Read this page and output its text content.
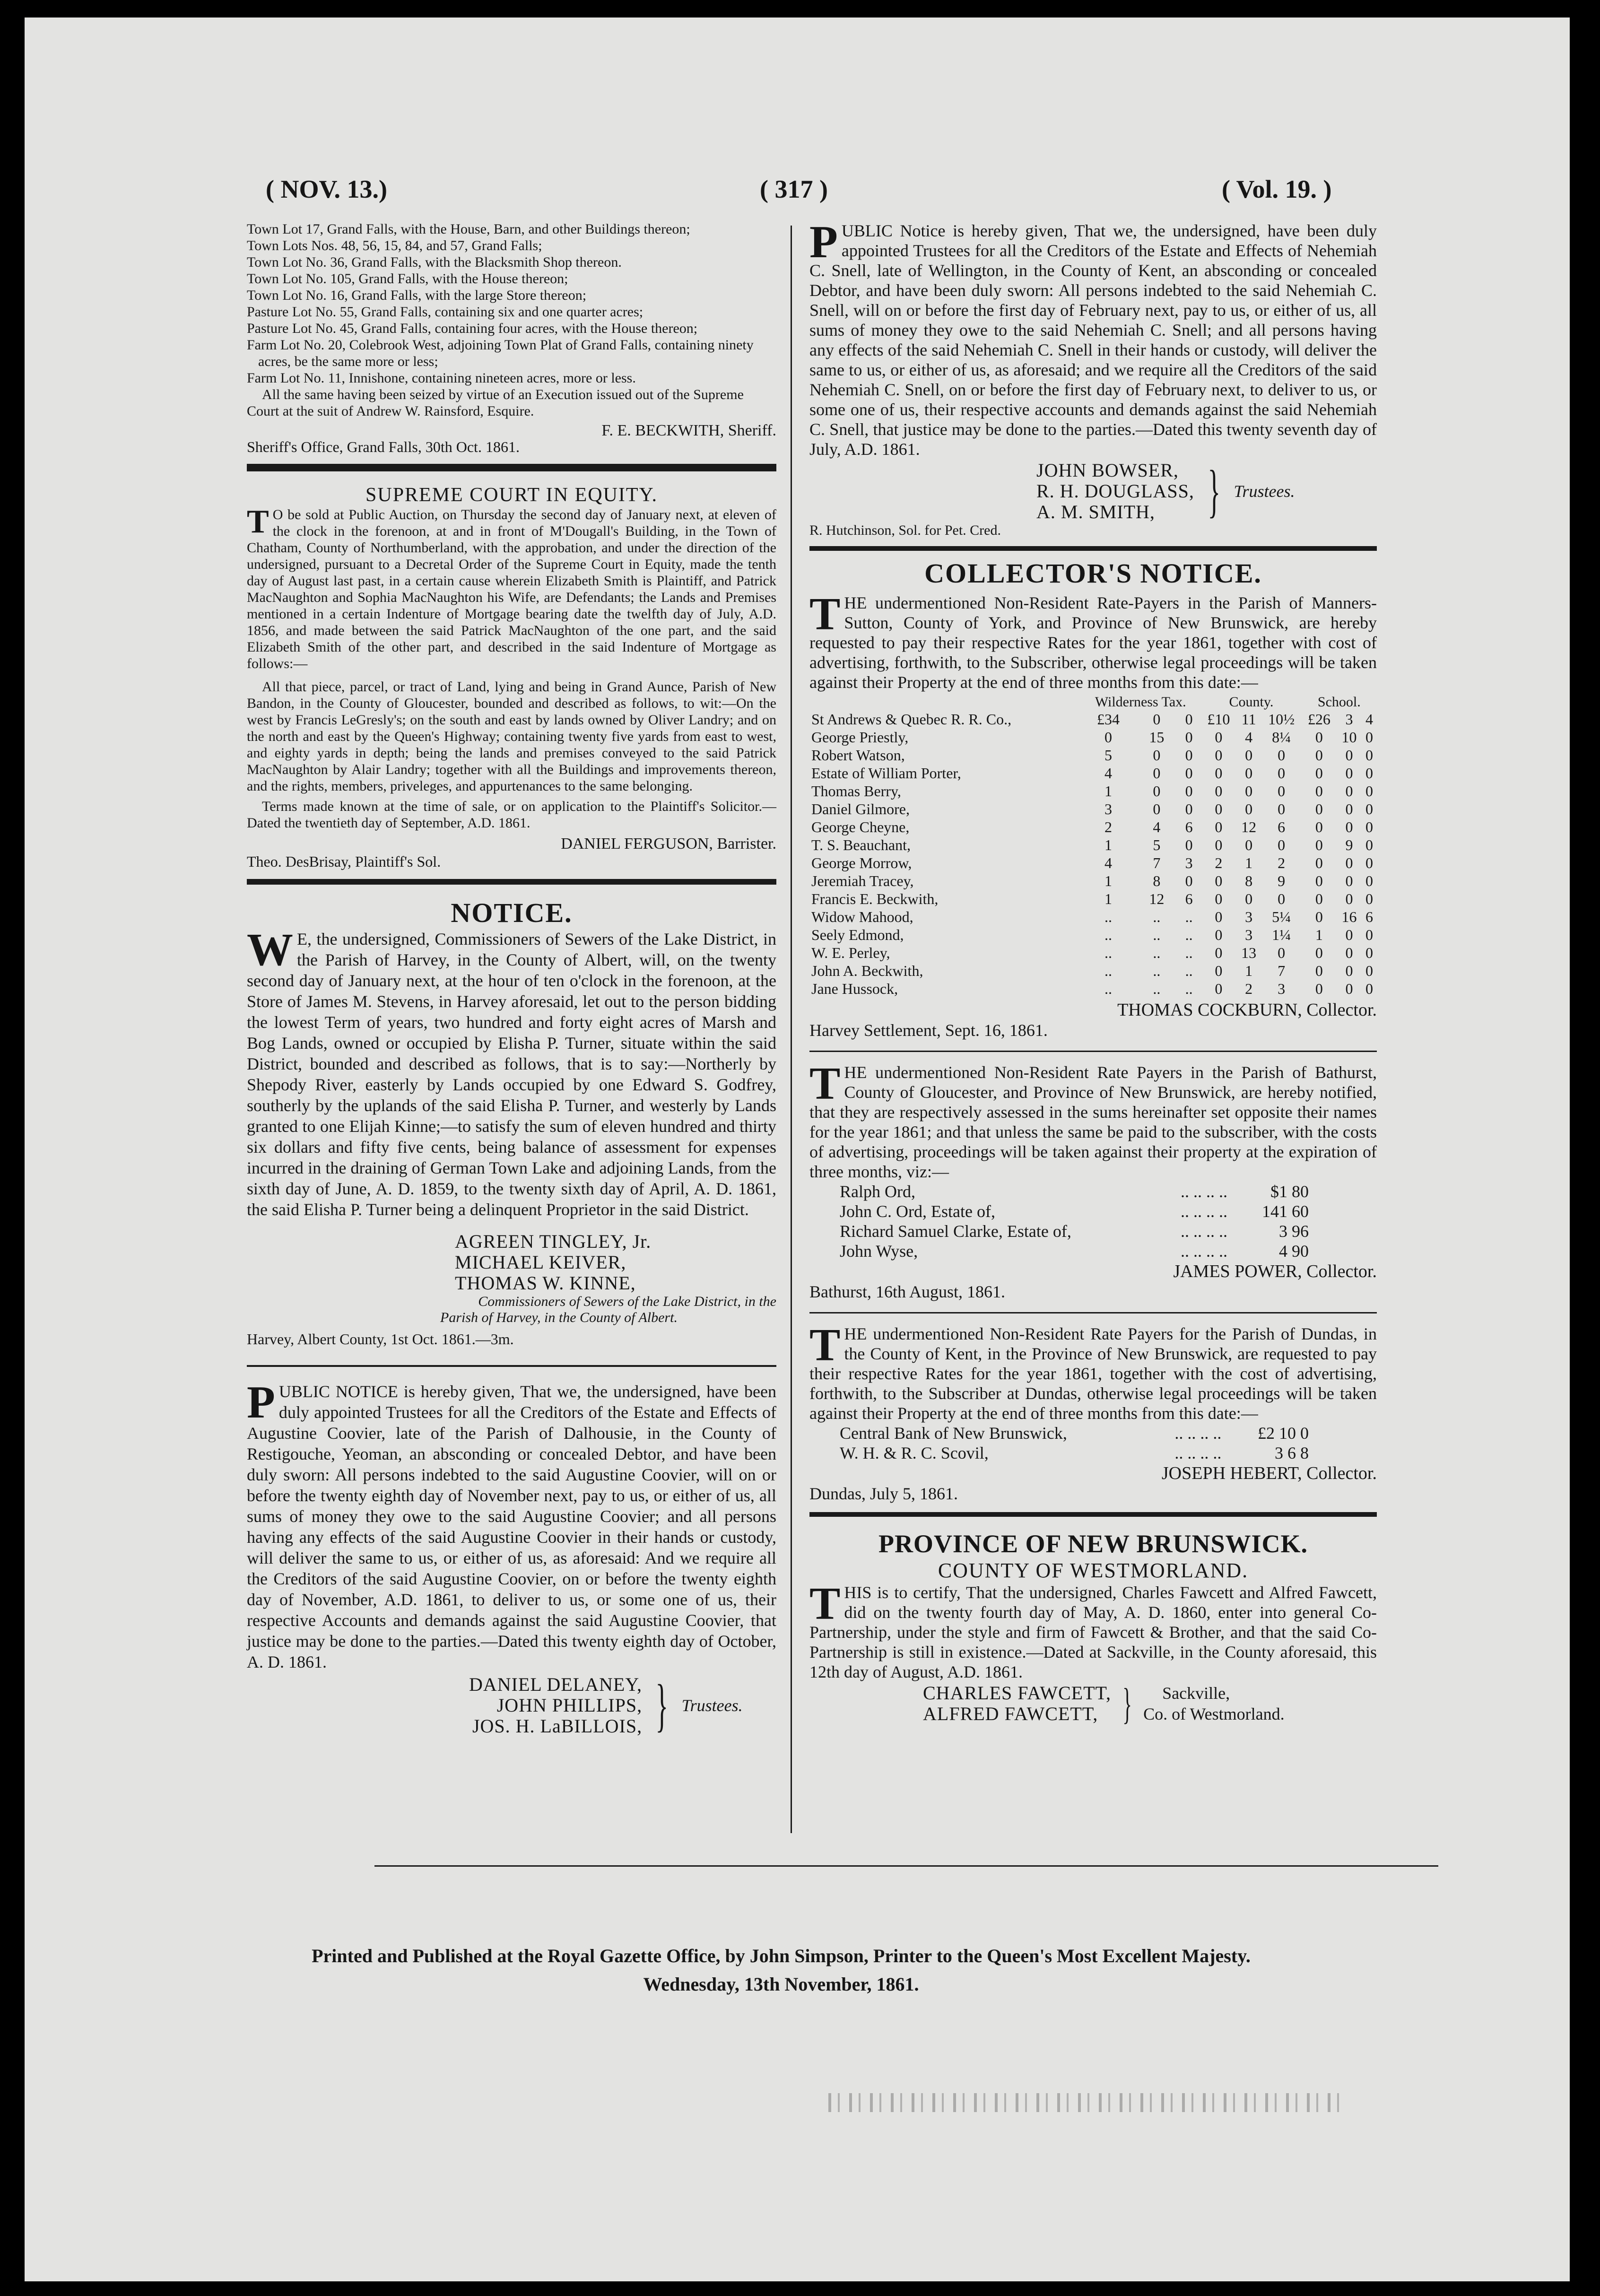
( NOV. 13.)	( 317 )	( Vol. 19. )

Town Lot 17, Grand Falls, with the House, Barn, and other Buildings thereon;

Town Lots Nos. 48, 56, 15, 84, and 57, Grand Falls;

Town Lot No. 36, Grand Falls, with the Blacksmith Shop thereon.

Town Lot No. 105, Grand Falls, with the House thereon;

Town Lot No. 16, Grand Falls, with the large Store thereon;

Pasture Lot No. 55, Grand Falls, containing six and one quarter acres;

Pasture Lot No. 45, Grand Falls, containing four acres, with the House thereon;

Farm Lot No. 20, Colebrook West, adjoining Town Plat of Grand Falls, containing ninety acres, be the same more or less;

Farm Lot No. 11, Innishone, containing nineteen acres, more or less.

All the same having been seized by virtue of an Execution issued out of the Supreme Court at the suit of Andrew W. Rainsford, Esquire.

F. E. BECKWITH, Sheriff.

Sheriff's Office, Grand Falls, 30th Oct. 1861.

SUPREME COURT IN EQUITY.

T O be sold at Public Auction, on Thursday the second day of January next, at eleven of the clock in the forenoon, at and in front of M'Dougall's Building, in the Town of Chatham, County of Northumberland, with the approbation, and under the direction of the undersigned, pursuant to a Decretal Order of the Supreme Court in Equity, made the tenth day of August last past, in a certain cause wherein Elizabeth Smith is Plaintiff, and Patrick MacNaughton and Sophia MacNaughton his Wife, are Defendants; the Lands and Premises mentioned in a certain Indenture of Mortgage bearing date the twelfth day of July, A.D. 1856, and made between the said Patrick MacNaughton of the one part, and the said Elizabeth Smith of the other part, and described in the said Indenture of Mortgage as follows:—

All that piece, parcel, or tract of Land, lying and being in Grand Aunce, Parish of New Bandon, in the County of Gloucester, bounded and described as follows, to wit:—On the west by Francis LeGresly's; on the south and east by lands owned by Oliver Landry; and on the north and east by the Queen's Highway; containing twenty five yards from east to west, and eighty yards in depth; being the lands and premises conveyed to the said Patrick MacNaughton by Alair Landry; together with all the Buildings and improvements thereon, and the rights, members, priveleges, and appurtenances to the same belonging.

Terms made known at the time of sale, or on application to the Plaintiff's Solicitor.—Dated the twentieth day of September, A.D. 1861.

DANIEL FERGUSON, Barrister.

Theo. DesBrisay, Plaintiff's Sol.

NOTICE.

W E, the undersigned, Commissioners of Sewers of the Lake District, in the Parish of Harvey, in the County of Albert, will, on the twenty second day of January next, at the hour of ten o'clock in the forenoon, at the Store of James M. Stevens, in Harvey aforesaid, let out to the person bidding the lowest Term of years, two hundred and forty eight acres of Marsh and Bog Lands, owned or occupied by Elisha P. Turner, situate within the said District, bounded and described as follows, that is to say:—Northerly by Shepody River, easterly by Lands occupied by one Edward S. Godfrey, southerly by the uplands of the said Elisha P. Turner, and westerly by Lands granted to one Elijah Kinne;—to satisfy the sum of eleven hundred and thirty six dollars and fifty five cents, being balance of assessment for expenses incurred in the draining of German Town Lake and adjoining Lands, from the sixth day of June, A. D. 1859, to the twenty sixth day of April, A. D. 1861, the said Elisha P. Turner being a delinquent Proprietor in the said District.

AGREEN TINGLEY, Jr.

MICHAEL KEIVER,

THOMAS W. KINNE,

Commissioners of Sewers of the Lake District, in the

Parish of Harvey, in the County of Albert.

Harvey, Albert County, 1st Oct. 1861.—3m.

PUBLIC NOTICE is hereby given, That we, the undersigned, have been duly appointed Trustees for all the Creditors of the Estate and Effects of Augustine Coovier, late of the Parish of Dalhousie, in the County of Restigouche, Yeoman, an absconding or concealed Debtor, and have been duly sworn: All persons indebted to the said Augustine Coovier, will on or before the twenty eighth day of November next, pay to us, or either of us, all sums of money they owe to the said Augustine Coovier; and all persons having any effects of the said Augustine Coovier in their hands or custody, will deliver the same to us, or either of us, as aforesaid: And we require all the Creditors of the said Augustine Coovier, on or before the twenty eighth day of November, A.D. 1861, to deliver to us, or some one of us, their respective Accounts and demands against the said Augustine Coovier, that justice may be done to the parties.—Dated this twenty eighth day of October, A. D. 1861.

DANIEL DELANEY,

JOHN PHILLIPS,

JOS. H. LaBILLOIS, } Trustees.

PUBLIC Notice is hereby given, That we, the undersigned, have been duly appointed Trustees for all the Creditors of the Estate and Effects of Nehemiah C. Snell, late of Wellington, in the County of Kent, an absconding or concealed Debtor, and have been duly sworn: All persons indebted to the said Nehemiah C. Snell, will on or before the first day of February next, pay to us, or either of us, all sums of money they owe to the said Nehemiah C. Snell; and all persons having any effects of the said Nehemiah C. Snell in their hands or custody, will deliver the same to us, or either of us, as aforesaid; and we require all the Creditors of the said Nehemiah C. Snell, on or before the first day of February next, to deliver to us, or some one of us, their respective accounts and demands against the said Nehemiah C. Snell, that justice may be done to the parties.—Dated this twenty seventh day of July, A.D. 1861.

JOHN BOWSER,

R. H. DOUGLASS,

A. M. SMITH, } Trustees.

R. Hutchinson, Sol. for Pet. Cred.

COLLECTOR'S NOTICE.

THE undermentioned Non-Resident Rate-Payers in the Parish of Manners-Sutton, County of York, and Province of New Brunswick, are hereby requested to pay their respective Rates for the year 1861, together with cost of advertising, forthwith, to the Subscriber, otherwise legal proceedings will be taken against their Property at the end of three months from this date:—

	Wilderness Tax.			County.			School.		
St Andrews & Quebec R. R. Co.,	£34	0	0	£10	11	10½	£26	3	4
George Priestly,	0	15	0	0	4	8¼	0	10	0
Robert Watson,	5	0	0	0	0	0	0	0	0
Estate of William Porter,	4	0	0	0	0	0	0	0	0
Thomas Berry,	1	0	0	0	0	0	0	0	0
Daniel Gilmore,	3	0	0	0	0	0	0	0	0
George Cheyne,	2	4	6	0	12	6	0	0	0
T. S. Beauchant,	1	5	0	0	0	0	0	9	0
George Morrow,	4	7	3	2	1	2	0	0	0
Jeremiah Tracey,	1	8	0	0	8	9	0	0	0
Francis E. Beckwith,	1	12	6	0	0	0	0	0	0
Widow Mahood,	..	..	..	0	3	5¼	0	16	6
Seely Edmond,	..	..	..	0	3	1¼	1	0	0
W. E. Perley,	..	..	..	0	13	0	0	0	0
John A. Beckwith,	..	..	..	0	1	7	0	0	0
Jane Hussock,	..	..	..	0	2	3	0	0	0

THOMAS COCKBURN, Collector.

Harvey Settlement, Sept. 16, 1861.

THE undermentioned Non-Resident Rate Payers in the Parish of Bathurst, County of Gloucester, and Province of New Brunswick, are hereby notified, that they are respectively assessed in the sums hereinafter set opposite their names for the year 1861; and that unless the same be paid to the subscriber, with the costs of advertising, proceedings will be taken against their property at the expiration of three months, viz:—

Ralph Ord,	.. .. .. ..	$1 80
John C. Ord, Estate of,	.. .. .. ..	141 60
Richard Samuel Clarke, Estate of,	.. .. .. ..	3 96
John Wyse,	.. .. .. ..	4 90

JAMES POWER, Collector.

Bathurst, 16th August, 1861.

THE undermentioned Non-Resident Rate Payers for the Parish of Dundas, in the County of Kent, in the Province of New Brunswick, are requested to pay their respective Rates for the year 1861, together with the cost of advertising, forthwith, to the Subscriber at Dundas, otherwise legal proceedings will be taken against their Property at the end of three months from this date:—

Central Bank of New Brunswick,	.. .. .. ..	£2 10 0
W. H. & R. C. Scovil,	.. .. .. ..	3 6 8

JOSEPH HEBERT, Collector.

Dundas, July 5, 1861.

PROVINCE OF NEW BRUNSWICK.

COUNTY OF WESTMORLAND.

THIS is to certify, That the undersigned, Charles Fawcett and Alfred Fawcett, did on the twenty fourth day of May, A. D. 1860, enter into general Co-Partnership, under the style and firm of Fawcett & Brother, and that the said Co-Partnership is still in existence.—Dated at Sackville, in the County aforesaid, this 12th day of August, A.D. 1861.

CHARLES FAWCETT,

ALFRED FAWCETT, }	Sackville,

Co. of Westmorland.

Printed and Published at the Royal Gazette Office, by John Simpson, Printer to the Queen's Most Excellent Majesty.

Wednesday, 13th November, 1861.
